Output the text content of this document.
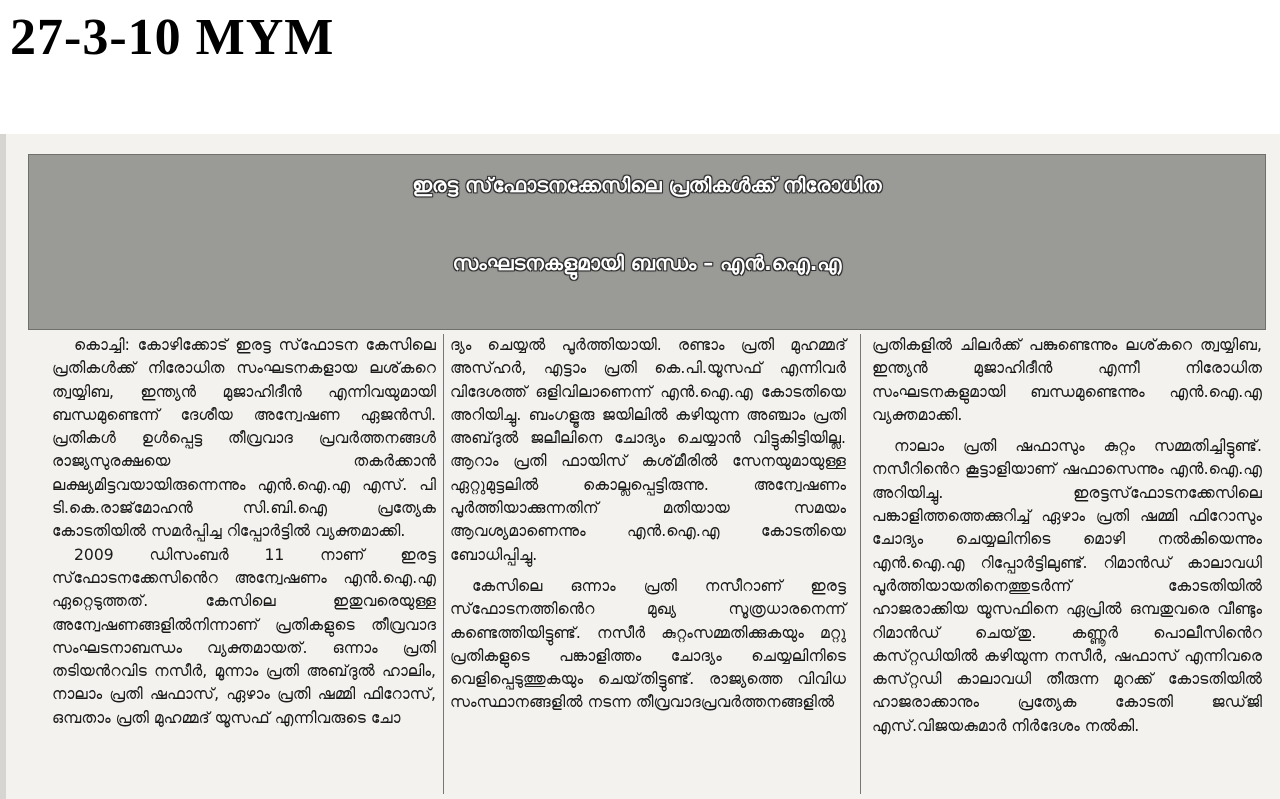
27-3-10 MYM
ഇരട്ട സ്‌ഫോടനക്കേസിലെ പ്രതികൾക്ക്‌ നിരോധിത
സംഘടനകളുമായി ബന്ധം – എൻ.ഐ.എ

കൊച്ചി: കോഴിക്കോട്‌ ഇരട്ട സ്‌ഫോടന കേസിലെ പ്രതികൾക്ക്‌ നിരോധിത സംഘടനകളായ ലശ്‌കറെ ത്വയ്യിബ, ഇന്ത്യൻ മുജാഹിദീൻ എന്നിവയുമായി ബന്ധമുണ്ടെന്ന്‌ ദേശീയ അന്വേഷണ ഏജൻസി. പ്രതികൾ ഉൾപ്പെട്ട തീവ്രവാദ പ്രവർത്തനങ്ങൾ രാജ്യസുരക്ഷയെ തകർക്കാൻ ലക്ഷ്യമിട്ടവയായിരുന്നെന്നും എൻ.ഐ.എ എസ്‌. പി ടി.കെ.രാജ്‌മോഹൻ സി.ബി.ഐ പ്രത്യേക കോടതിയിൽ സമർപ്പിച്ച റിപ്പോർട്ടിൽ വ്യക്തമാക്കി.

2009 ഡിസംബർ 11 നാണ്‌ ഇരട്ട സ്‌ഫോടനക്കേസിൻെറ അന്വേഷണം എൻ.ഐ.എ ഏറ്റെടുത്തത്‌. കേസിലെ ഇതുവരെയുള്ള അന്വേഷണങ്ങളിൽനിന്നാണ്‌ പ്രതികളുടെ തീവ്രവാദ സംഘടനാബന്ധം വ്യക്തമായത്‌. ഒന്നാം പ്രതി തടിയൻറവിട നസീർ, മൂന്നാം പ്രതി അബ്‌ദുൽ ഹാലിം, നാലാം പ്രതി ഷഫാസ്‌, ഏഴാം പ്രതി ഷമ്മി ഫിറോസ്‌, ഒമ്പതാം പ്രതി മുഹമ്മദ്‌ യൂസഫ്‌ എന്നിവരുടെ ചോ

ദ്യം ചെയ്യൽ പൂർത്തിയായി. രണ്ടാം പ്രതി മുഹമ്മദ്‌ അസ്‌ഹർ, എട്ടാം പ്രതി കെ.പി.യൂസഫ്‌ എന്നിവർ വിദേശത്ത്‌ ഒളിവിലാണെന്ന്‌ എൻ.ഐ.എ കോടതിയെ അറിയിച്ചു. ബംഗളൂരു ജയിലിൽ കഴിയുന്ന അഞ്ചാം പ്രതി അബ്‌ദുൽ ജലീലിനെ ചോദ്യം ചെയ്യാൻ വിട്ടുകിട്ടിയില്ല. ആറാം പ്രതി ഫായിസ്‌ കശ്‌മീരിൽ സേനയുമായുള്ള ഏറ്റുമുട്ടലിൽ കൊല്ലപ്പെട്ടിരുന്നു. അന്വേഷണം പൂർത്തിയാക്കുന്നതിന്‌ മതിയായ സമയം ആവശ്യമാണെന്നും എൻ.ഐ.എ കോടതിയെ ബോധിപ്പിച്ചു.

കേസിലെ ഒന്നാം പ്രതി നസീറാണ്‌ ഇരട്ട സ്‌ഫോടനത്തിൻെറ മുഖ്യ സൂത്രധാരനെന്ന്‌ കണ്ടെത്തിയിട്ടുണ്ട്‌. നസീർ കുറ്റംസമ്മതിക്കുകയും മറ്റു പ്രതികളുടെ പങ്കാളിത്തം ചോദ്യം ചെയ്യലിനിടെ വെളിപ്പെടുത്തുകയും ചെയ്‌തിട്ടുണ്ട്‌. രാജ്യത്തെ വിവിധ സംസ്ഥാനങ്ങളിൽ നടന്ന തീവ്രവാദപ്രവർത്തനങ്ങളിൽ

പ്രതികളിൽ ചിലർക്ക്‌ പങ്കുണ്ടെന്നും ലശ്‌കറെ ത്വയ്യിബ, ഇന്ത്യൻ മുജാഹിദീൻ എന്നീ നിരോധിത സംഘടനകളുമായി ബന്ധമുണ്ടെന്നും എൻ.ഐ.എ വ്യക്തമാക്കി.

നാലാം പ്രതി ഷഫാസും കുറ്റം സമ്മതിച്ചിട്ടുണ്ട്‌. നസീറിൻെറ കൂട്ടാളിയാണ്‌ ഷഫാസെന്നും എൻ.ഐ.എ അറിയിച്ചു. ഇരട്ടസ്‌ഫോടനക്കേസിലെ പങ്കാളിത്തത്തെക്കുറിച്ച്‌ ഏഴാം പ്രതി ഷമ്മി ഫിറോസും ചോദ്യം ചെയ്യലിനിടെ മൊഴി നൽകിയെന്നും എൻ.ഐ.എ റിപ്പോർട്ടിലുണ്ട്‌. റിമാൻഡ്‌ കാലാവധി പൂർത്തിയായതിനെത്തുടർന്ന്‌ കോടതിയിൽ ഹാജരാക്കിയ യൂസഫിനെ ഏപ്രിൽ ഒമ്പതുവരെ വീണ്ടും റിമാൻഡ്‌ ചെയ്‌തു. കണ്ണൂർ പൊലീസിൻെറ കസ്‌റ്റഡിയിൽ കഴിയുന്ന നസീർ, ഷഫാസ്‌ എന്നിവരെ കസ്‌റ്റഡി കാലാവധി തീരുന്ന മുറക്ക്‌ കോടതിയിൽ ഹാജരാക്കാനും പ്രത്യേക കോടതി ജഡ്‌ജി എസ്‌.വിജയകുമാർ നിർദേശം നൽകി.
